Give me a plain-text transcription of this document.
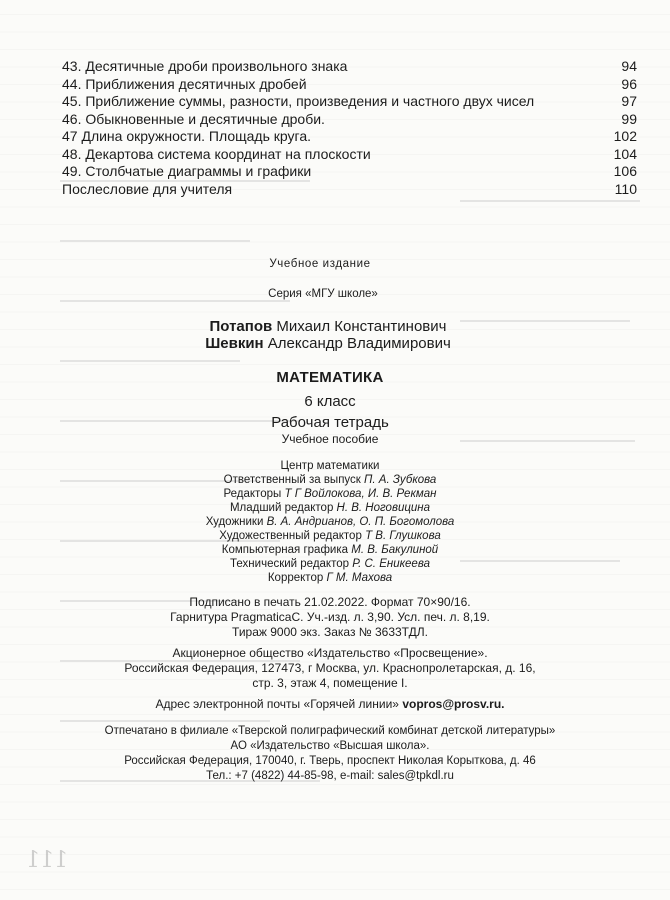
111
43. Десятичные дроби произвольного знака	94
44. Приближения десятичных дробей	96
45. Приближение суммы, разности, произведения и частного двух чисел	97
46. Обыкновенные и десятичные дроби.	99
47 Длина окружности. Площадь круга.	102
48. Декартова система координат на плоскости	104
49. Столбчатые диаграммы и графики	106
Послесловие для учителя	110
Учебное издание
Серия «МГУ школе»
Потапов Михаил Константинович
Шевкин Александр Владимирович
МАТЕМАТИКА
6 класс
Рабочая тетрадь
Учебное пособие
Центр математики
Ответственный за выпуск П. А. Зубкова
Редакторы Т Г Войлокова, И. В. Рекман
Младший редактор Н. В. Ноговицина
Художники В. А. Андрианов, О. П. Богомолова
Художественный редактор Т В. Глушкова
Компьютерная графика М. В. Бакулиной
Технический редактор Р. С. Еникеева
Корректор Г М. Махова
Подписано в печать 21.02.2022. Формат 70×90/16.
Гарнитура PragmaticaC. Уч.-изд. л. 3,90. Усл. печ. л. 8,19.
Тираж 9000 экз. Заказ № 3633ТДЛ.
Акционерное общество «Издательство «Просвещение».
Российская Федерация, 127473, г Москва, ул. Краснопролетарская, д. 16,
стр. 3, этаж 4, помещение I.
Адрес электронной почты «Горячей линии» vopros@prosv.ru.
Отпечатано в филиале «Тверской полиграфический комбинат детской литературы»
АО «Издательство «Высшая школа».
Российская Федерация, 170040, г. Тверь, проспект Николая Корыткова, д. 46
Тел.: +7 (4822) 44-85-98, e-mail: sales@tpkdl.ru
